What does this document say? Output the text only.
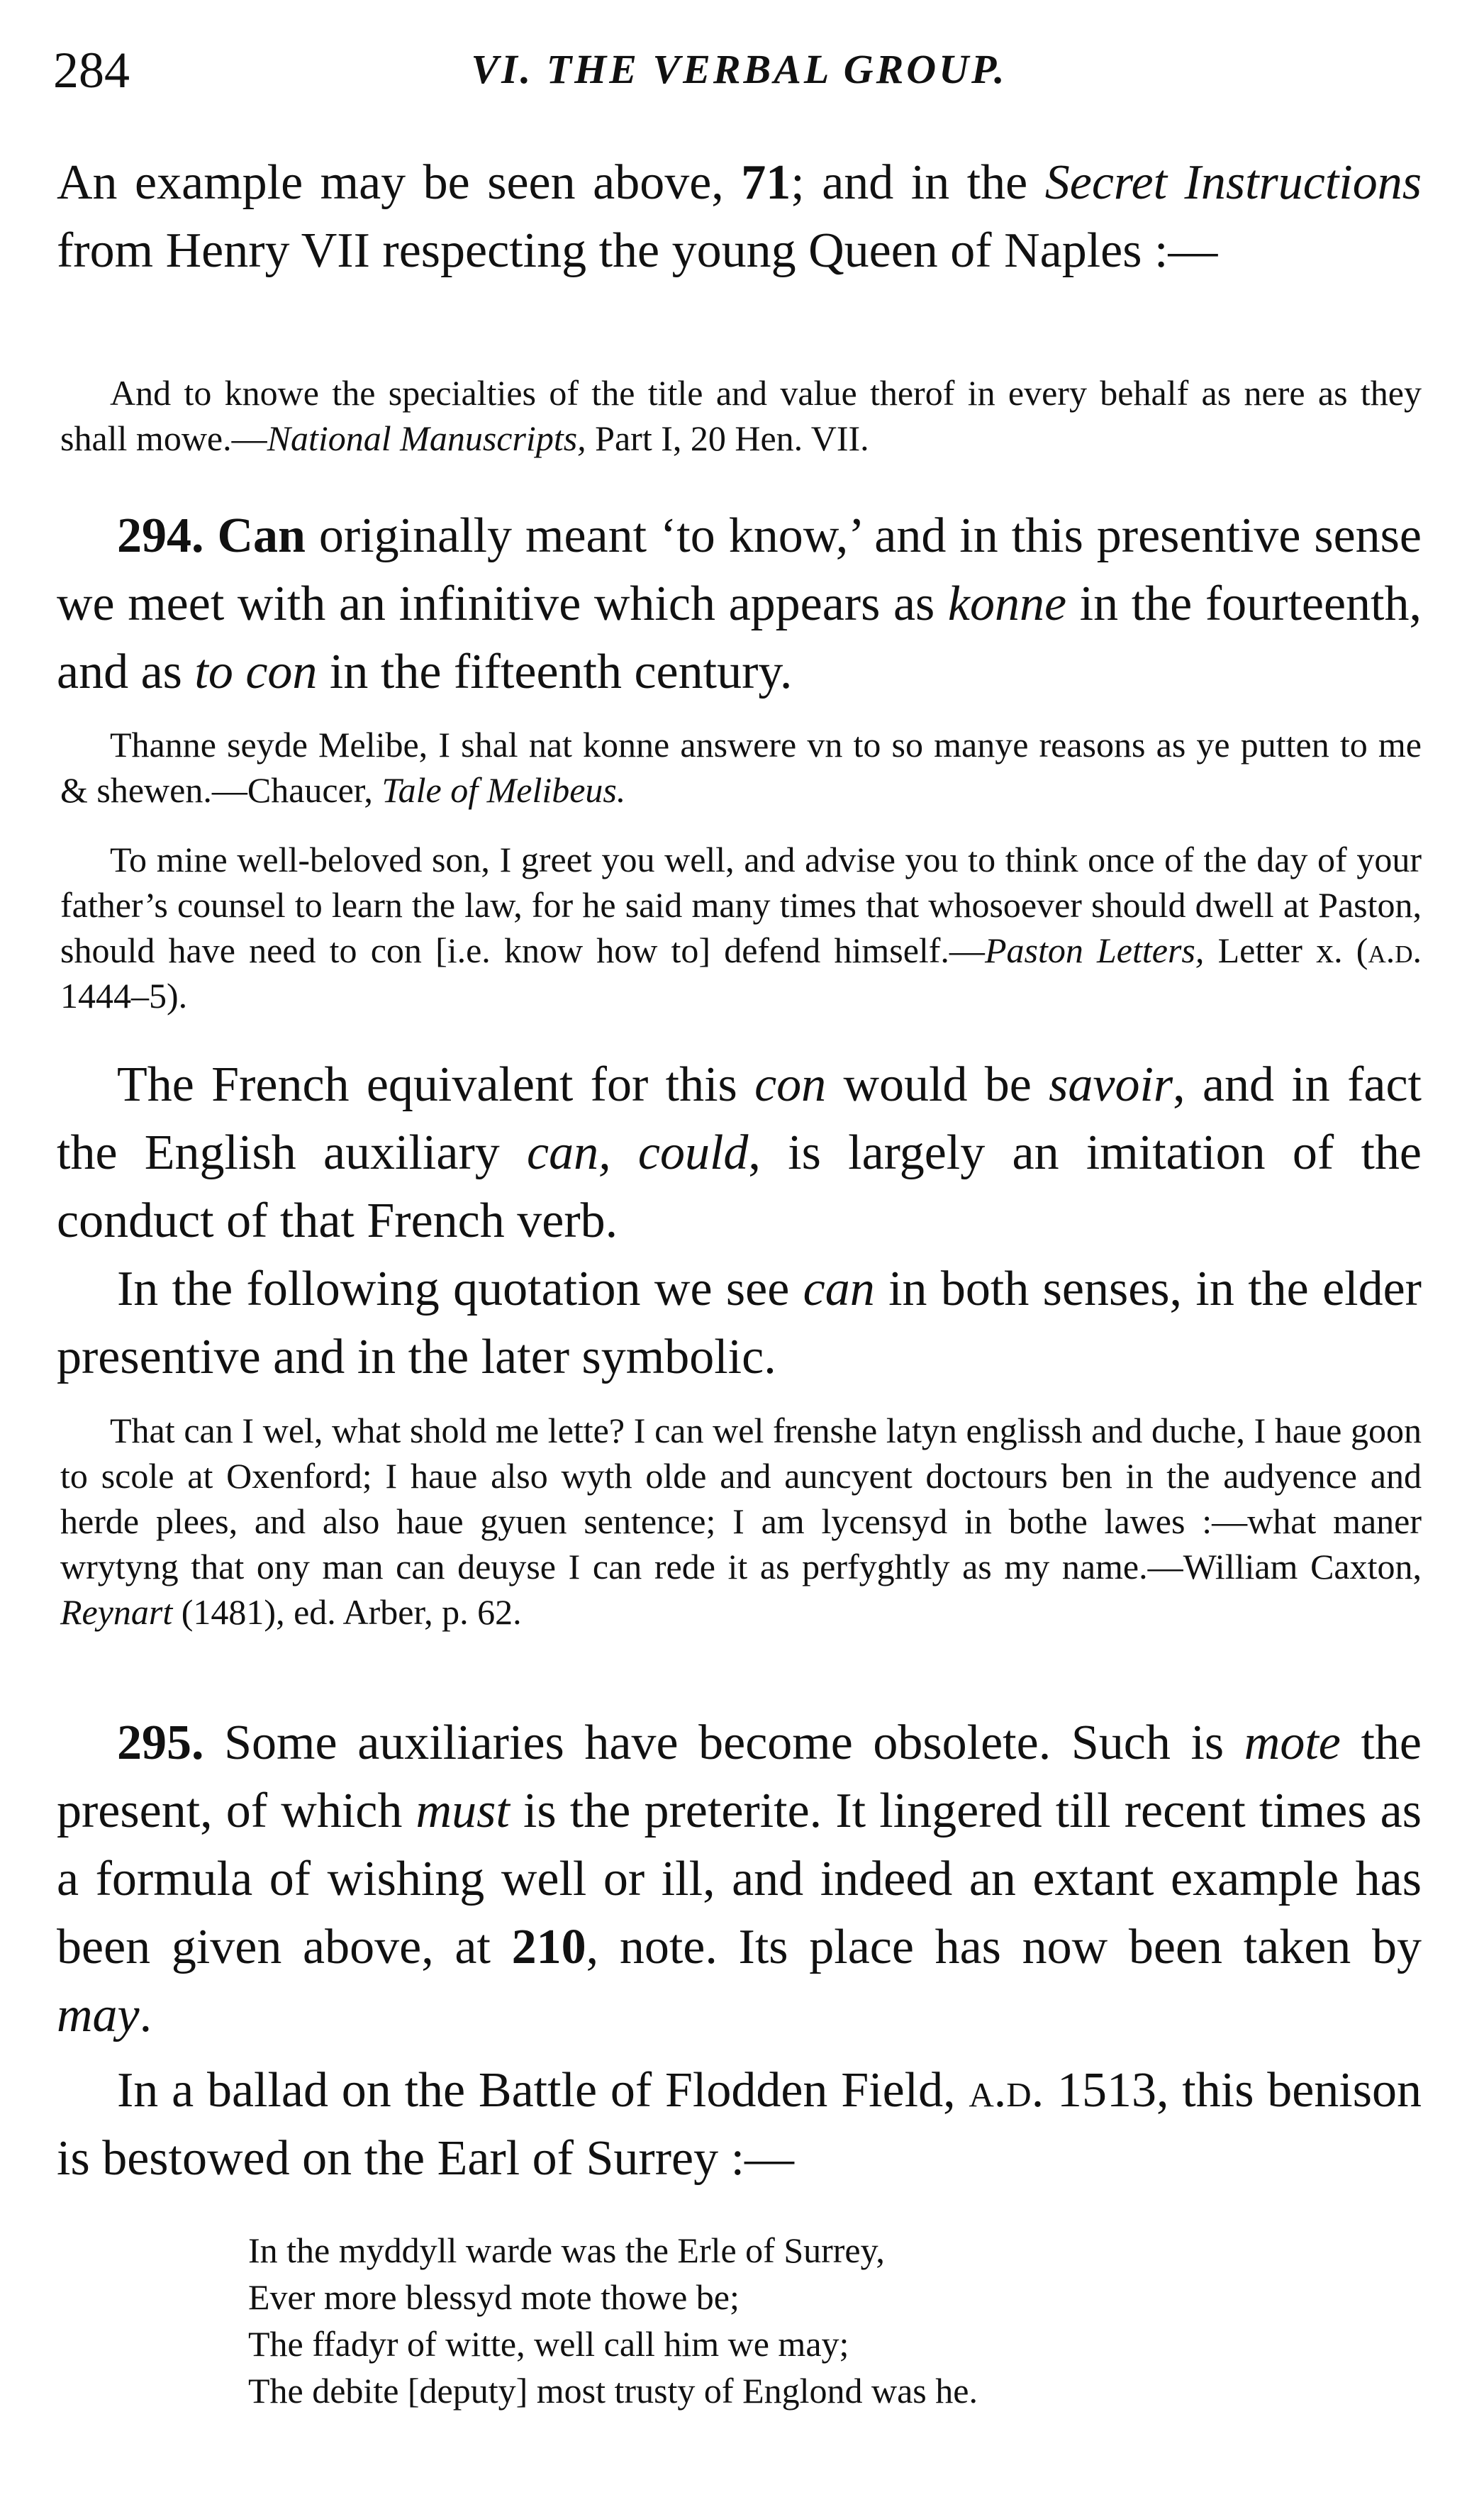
284	VI. THE VERBAL GROUP.

An example may be seen above, 71; and in the Secret Instructions from Henry VII respecting the young Queen of Naples :—

And to knowe the specialties of the title and value therof in every behalf as nere as they shall mowe.—National Manuscripts, Part I, 20 Hen. VII.

294. Can originally meant ‘to know,’ and in this presentive sense we meet with an infinitive which appears as konne in the fourteenth, and as to con in the fifteenth century.

Thanne seyde Melibe, I shal nat konne answere vn to so manye reasons as ye putten to me & shewen.—Chaucer, Tale of Melibeus.

To mine well-beloved son, I greet you well, and advise you to think once of the day of your father’s counsel to learn the law, for he said many times that whosoever should dwell at Paston, should have need to con [i.e. know how to] defend himself.—Paston Letters, Letter x. (a.d. 1444–5).

The French equivalent for this con would be savoir, and in fact the English auxiliary can, could, is largely an imitation of the conduct of that French verb.

In the following quotation we see can in both senses, in the elder presentive and in the later symbolic.

That can I wel, what shold me lette? I can wel frenshe latyn englissh and duche, I haue goon to scole at Oxenford; I haue also wyth olde and auncyent doctours ben in the audyence and herde plees, and also haue gyuen sentence; I am lycensyd in bothe lawes :—what maner wrytyng that ony man can deuyse I can rede it as perfyghtly as my name.—William Caxton, Reynart (1481), ed. Arber, p. 62.

295. Some auxiliaries have become obsolete. Such is mote the present, of which must is the preterite. It lingered till recent times as a formula of wishing well or ill, and indeed an extant example has been given above, at 210, note. Its place has now been taken by may.

In a ballad on the Battle of Flodden Field, a.d. 1513, this benison is bestowed on the Earl of Surrey :—

In the myddyll warde was the Erle of Surrey,
Ever more blessyd mote thowe be;
The ffadyr of witte, well call him we may;
The debite [deputy] most trusty of Englond was he.
